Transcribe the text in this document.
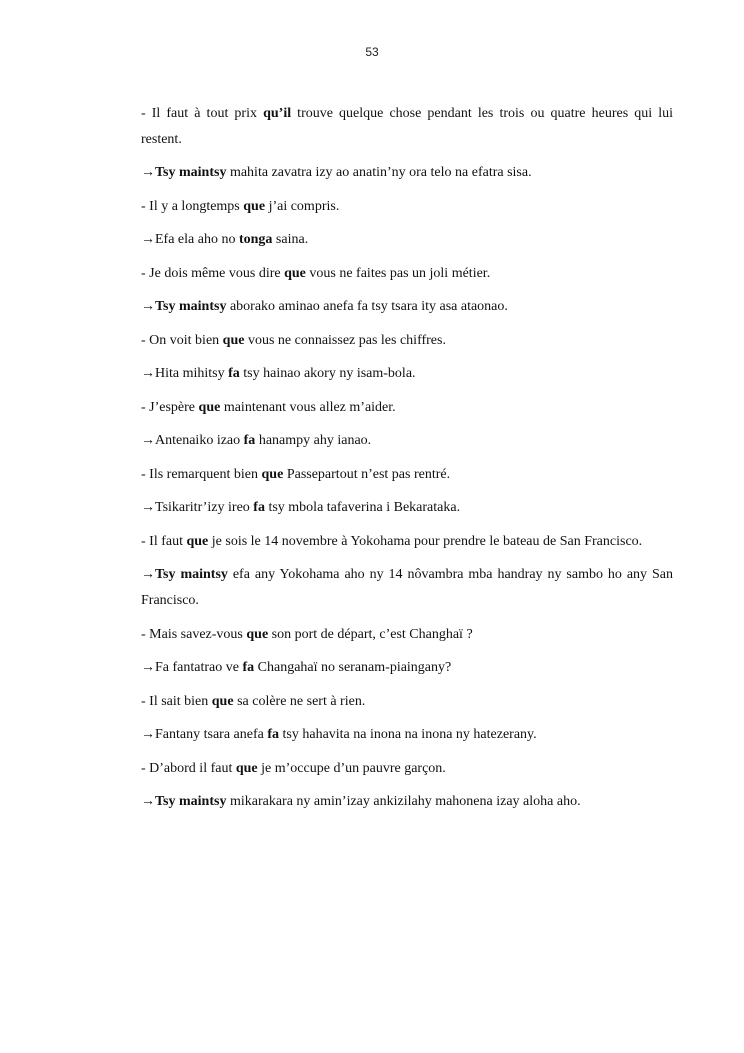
53

- Il faut à tout prix qu’il trouve quelque chose pendant les trois ou quatre heures qui lui restent.

→Tsy maintsy mahita zavatra izy ao anatin’ny ora telo na efatra sisa.

- Il y a longtemps que j’ai compris.

→Efa ela aho no tonga saina.

- Je dois même vous dire que vous ne faites pas un joli métier.

→Tsy maintsy aborako aminao anefa fa tsy tsara ity asa ataonao.

- On voit bien que vous ne connaissez pas les chiffres.

→Hita mihitsy fa tsy hainao akory ny isam-bola.

- J’espère que maintenant vous allez m’aider.

→Antenaiko izao fa hanampy ahy ianao.

- Ils remarquent bien que Passepartout n’est pas rentré.

→Tsikaritr’izy ireo fa tsy mbola tafaverina i Bekarataka.

- Il faut que je sois le 14 novembre à Yokohama pour prendre le bateau de San Francisco.

→Tsy maintsy efa any Yokohama aho ny 14 nôvambra mba handray ny sambo ho any San Francisco.

- Mais savez-vous que son port de départ, c’est Changhaï ?

→Fa fantatrao ve fa Changahaï no seranam-piaingany?

- Il sait bien que sa colère ne sert à rien.

→Fantany tsara anefa fa tsy hahavita na inona na inona ny hatezerany.

- D’abord il faut que je m’occupe d’un pauvre garçon.

→Tsy maintsy mikarakara ny amin’izay ankizilahy mahonena izay aloha aho.
